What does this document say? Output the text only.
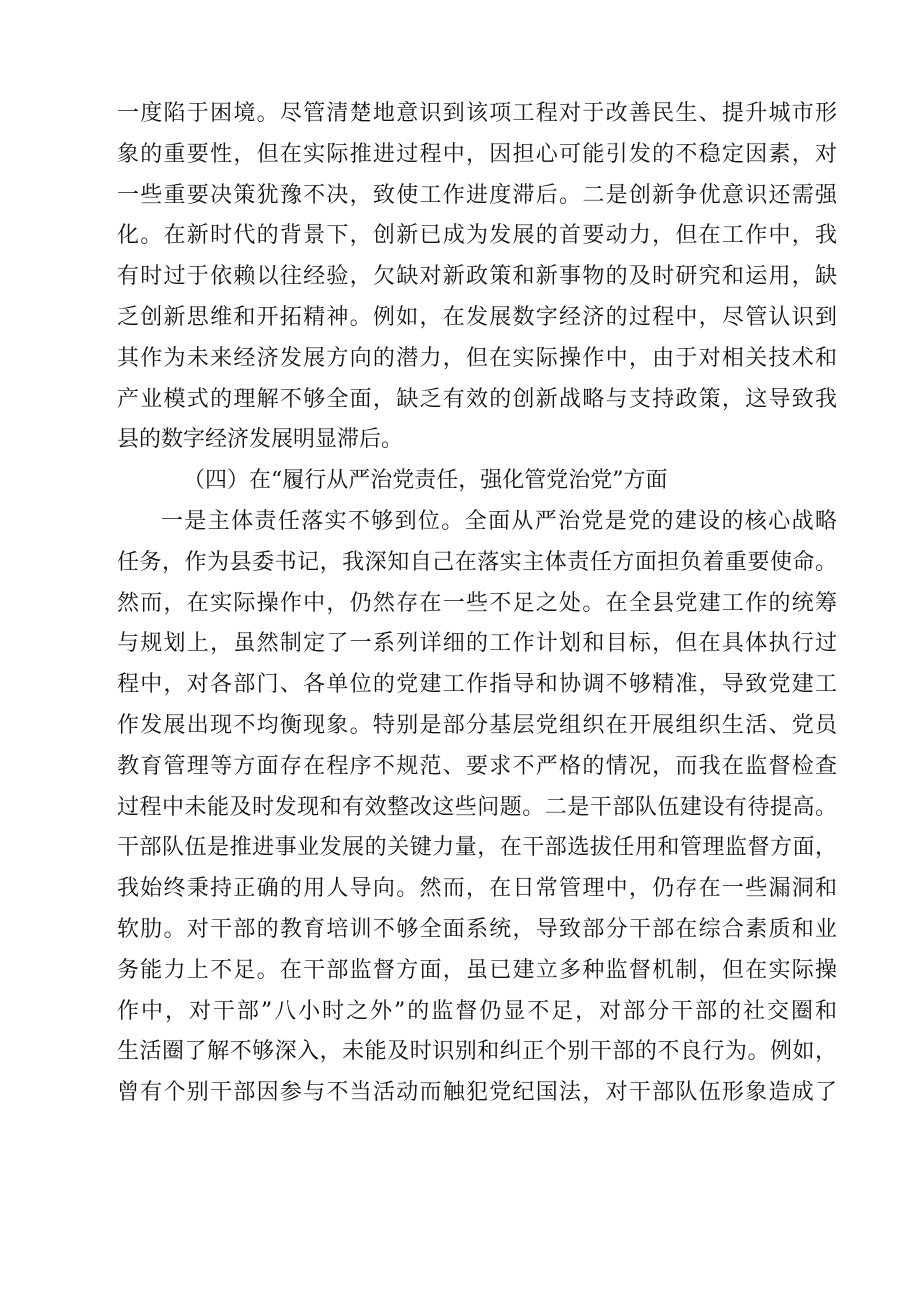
一度陷于困境。尽管清楚地意识到该项工程对于改善民生、提升城市形
象的重要性，但在实际推进过程中，因担心可能引发的不稳定因素，对
一些重要决策犹豫不决，致使工作进度滞后。二是创新争优意识还需强
化。在新时代的背景下，创新已成为发展的首要动力，但在工作中，我
有时过于依赖以往经验，欠缺对新政策和新事物的及时研究和运用，缺
乏创新思维和开拓精神。例如，在发展数字经济的过程中，尽管认识到
其作为未来经济发展方向的潜力，但在实际操作中，由于对相关技术和
产业模式的理解不够全面，缺乏有效的创新战略与支持政策，这导致我
县的数字经济发展明显滞后。
（四）在“履行从严治党责任，强化管党治党”方面
一是主体责任落实不够到位。全面从严治党是党的建设的核心战略
任务，作为县委书记，我深知自己在落实主体责任方面担负着重要使命。
然而，在实际操作中，仍然存在一些不足之处。在全县党建工作的统筹
与规划上，虽然制定了一系列详细的工作计划和目标，但在具体执行过
程中，对各部门、各单位的党建工作指导和协调不够精准，导致党建工
作发展出现不均衡现象。特别是部分基层党组织在开展组织生活、党员
教育管理等方面存在程序不规范、要求不严格的情况，而我在监督检查
过程中未能及时发现和有效整改这些问题。二是干部队伍建设有待提高。
干部队伍是推进事业发展的关键力量，在干部选拔任用和管理监督方面，
我始终秉持正确的用人导向。然而，在日常管理中，仍存在一些漏洞和
软肋。对干部的教育培训不够全面系统，导致部分干部在综合素质和业
务能力上不足。在干部监督方面，虽已建立多种监督机制，但在实际操
作中，对干部”八小时之外”的监督仍显不足，对部分干部的社交圈和
生活圈了解不够深入，未能及时识别和纠正个别干部的不良行为。例如，
曾有个别干部因参与不当活动而触犯党纪国法，对干部队伍形象造成了
